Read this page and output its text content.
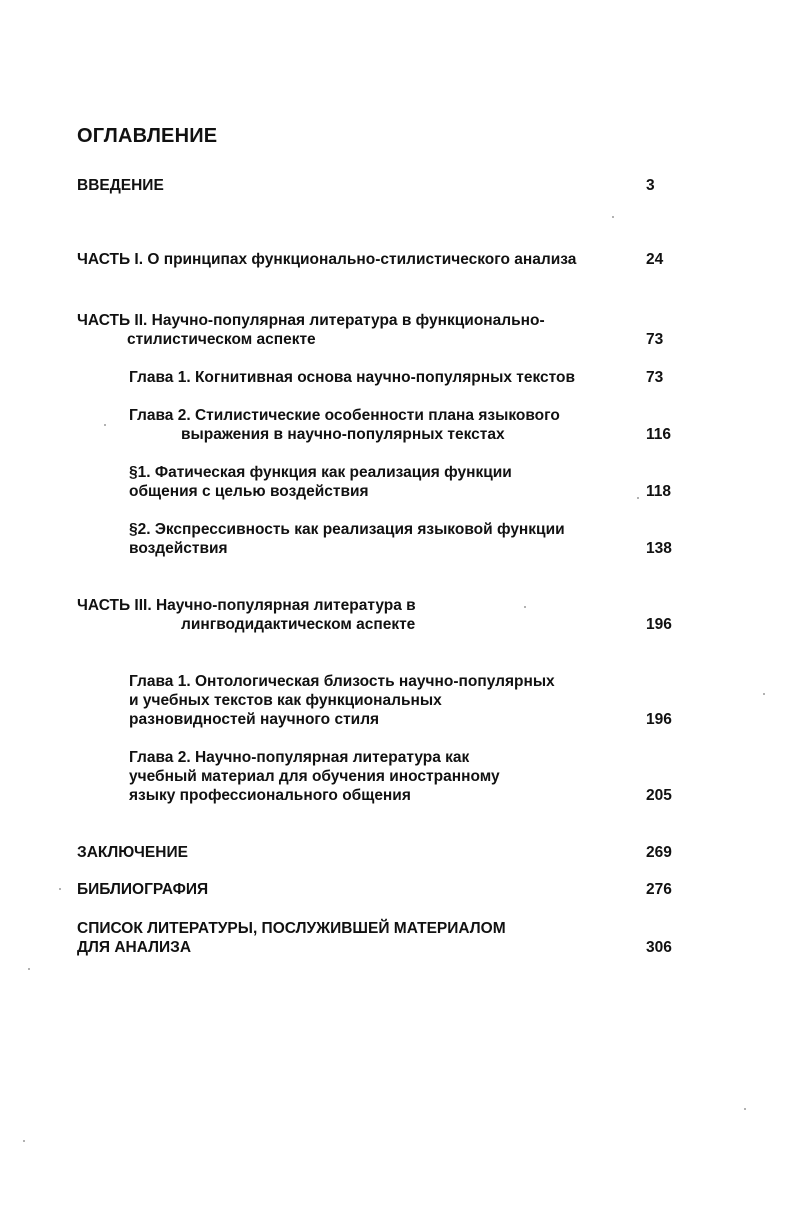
ОГЛАВЛЕНИЕ
ВВЕДЕНИЕ	3
ЧАСТЬ I. О принципах функционально-стилистического анализа	24
ЧАСТЬ II. Научно-популярная литература в функционально-
стилистическом аспекте	73
Глава 1. Когнитивная основа научно-популярных текстов	73
Глава 2. Стилистические особенности плана языкового
выражения в научно-популярных текстах	116
§1. Фатическая функция как реализация функции
общения с целью воздействия	118
§2. Экспрессивность как реализация языковой функции
воздействия	138
ЧАСТЬ III. Научно-популярная литература в
лингводидактическом аспекте	196
Глава 1. Онтологическая близость научно-популярных
и учебных текстов как функциональных
разновидностей научного стиля	196
Глава 2. Научно-популярная литература как
учебный материал для обучения иностранному
языку профессионального общения	205
ЗАКЛЮЧЕНИЕ	269
БИБЛИОГРАФИЯ	276
СПИСОК ЛИТЕРАТУРЫ, ПОСЛУЖИВШЕЙ МАТЕРИАЛОМ
ДЛЯ АНАЛИЗА	306
